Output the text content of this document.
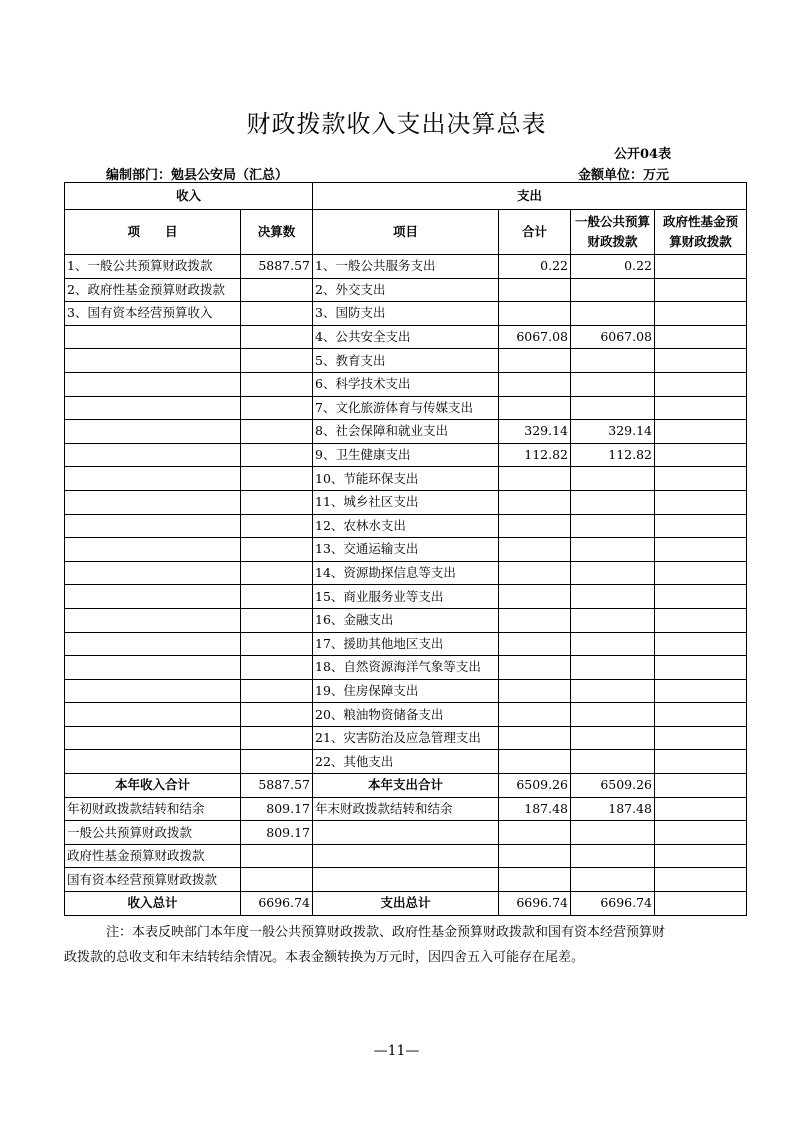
财政拨款收入支出决算总表
公开04表
编制部门：勉县公安局（汇总）	金额单位：万元
收入		支出			
项　　目	决算数	项目	合计	一般公共预算财政拨款	政府性基金预算财政拨款
1、一般公共预算财政拨款	5887.57	1、一般公共服务支出	0.22	0.22	
2、政府性基金预算财政拨款		2、外交支出			
3、国有资本经营预算收入		3、国防支出			
		4、公共安全支出	6067.08	6067.08	
		5、教育支出			
		6、科学技术支出			
		7、文化旅游体育与传媒支出			
		8、社会保障和就业支出	329.14	329.14	
		9、卫生健康支出	112.82	112.82	
		10、节能环保支出			
		11、城乡社区支出			
		12、农林水支出			
		13、交通运输支出			
		14、资源勘探信息等支出			
		15、商业服务业等支出			
		16、金融支出			
		17、援助其他地区支出			
		18、自然资源海洋气象等支出			
		19、住房保障支出			
		20、粮油物资储备支出			
		21、灾害防治及应急管理支出			
		22、其他支出			
本年收入合计	5887.57	本年支出合计	6509.26	6509.26	
年初财政拨款结转和结余	809.17	年末财政拨款结转和结余	187.48	187.48	
一般公共预算财政拨款	809.17				
政府性基金预算财政拨款					
国有资本经营预算财政拨款					
收入总计	6696.74	支出总计	6696.74	6696.74	
注：本表反映部门本年度一般公共预算财政拨款、政府性基金预算财政拨款和国有资本经营预算财
政拨款的总收支和年末结转结余情况。本表金额转换为万元时，因四舍五入可能存在尾差。
—11—
